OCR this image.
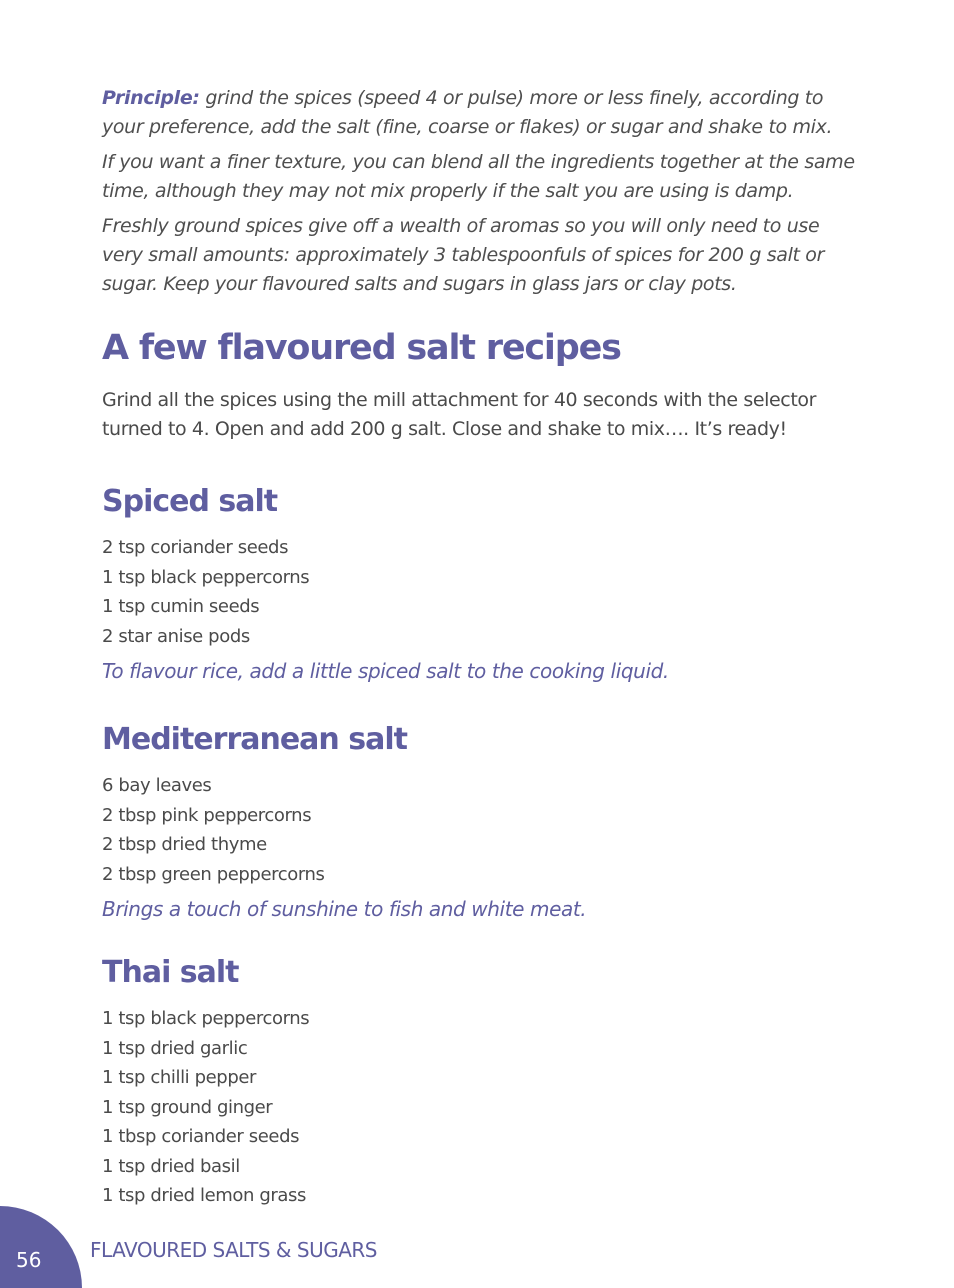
Principle: grind the spices (speed 4 or pulse) more or less finely, according to your preference, add the salt (fine, coarse or flakes) or sugar and shake to mix.

If you want a finer texture, you can blend all the ingredients together at the same time, although they may not mix properly if the salt you are using is damp.

Freshly ground spices give off a wealth of aromas so you will only need to use very small amounts: approximately 3 tablespoonfuls of spices for 200 g salt or sugar. Keep your flavoured salts and sugars in glass jars or clay pots.

A few flavoured salt recipes

Grind all the spices using the mill attachment for 40 seconds with the selector turned to 4. Open and add 200 g salt. Close and shake to mix…. It’s ready!

Spiced salt
2 tsp coriander seeds
1 tsp black peppercorns
1 tsp cumin seeds
2 star anise pods

To flavour rice, add a little spiced salt to the cooking liquid.

Mediterranean salt
6 bay leaves
2 tbsp pink peppercorns
2 tbsp dried thyme
2 tbsp green peppercorns

Brings a touch of sunshine to fish and white meat.

Thai salt
1 tsp black peppercorns
1 tsp dried garlic
1 tsp chilli pepper
1 tsp ground ginger
1 tbsp coriander seeds
1 tsp dried basil
1 tsp dried lemon grass
56 FLAVOURED SALTS & SUGARS
